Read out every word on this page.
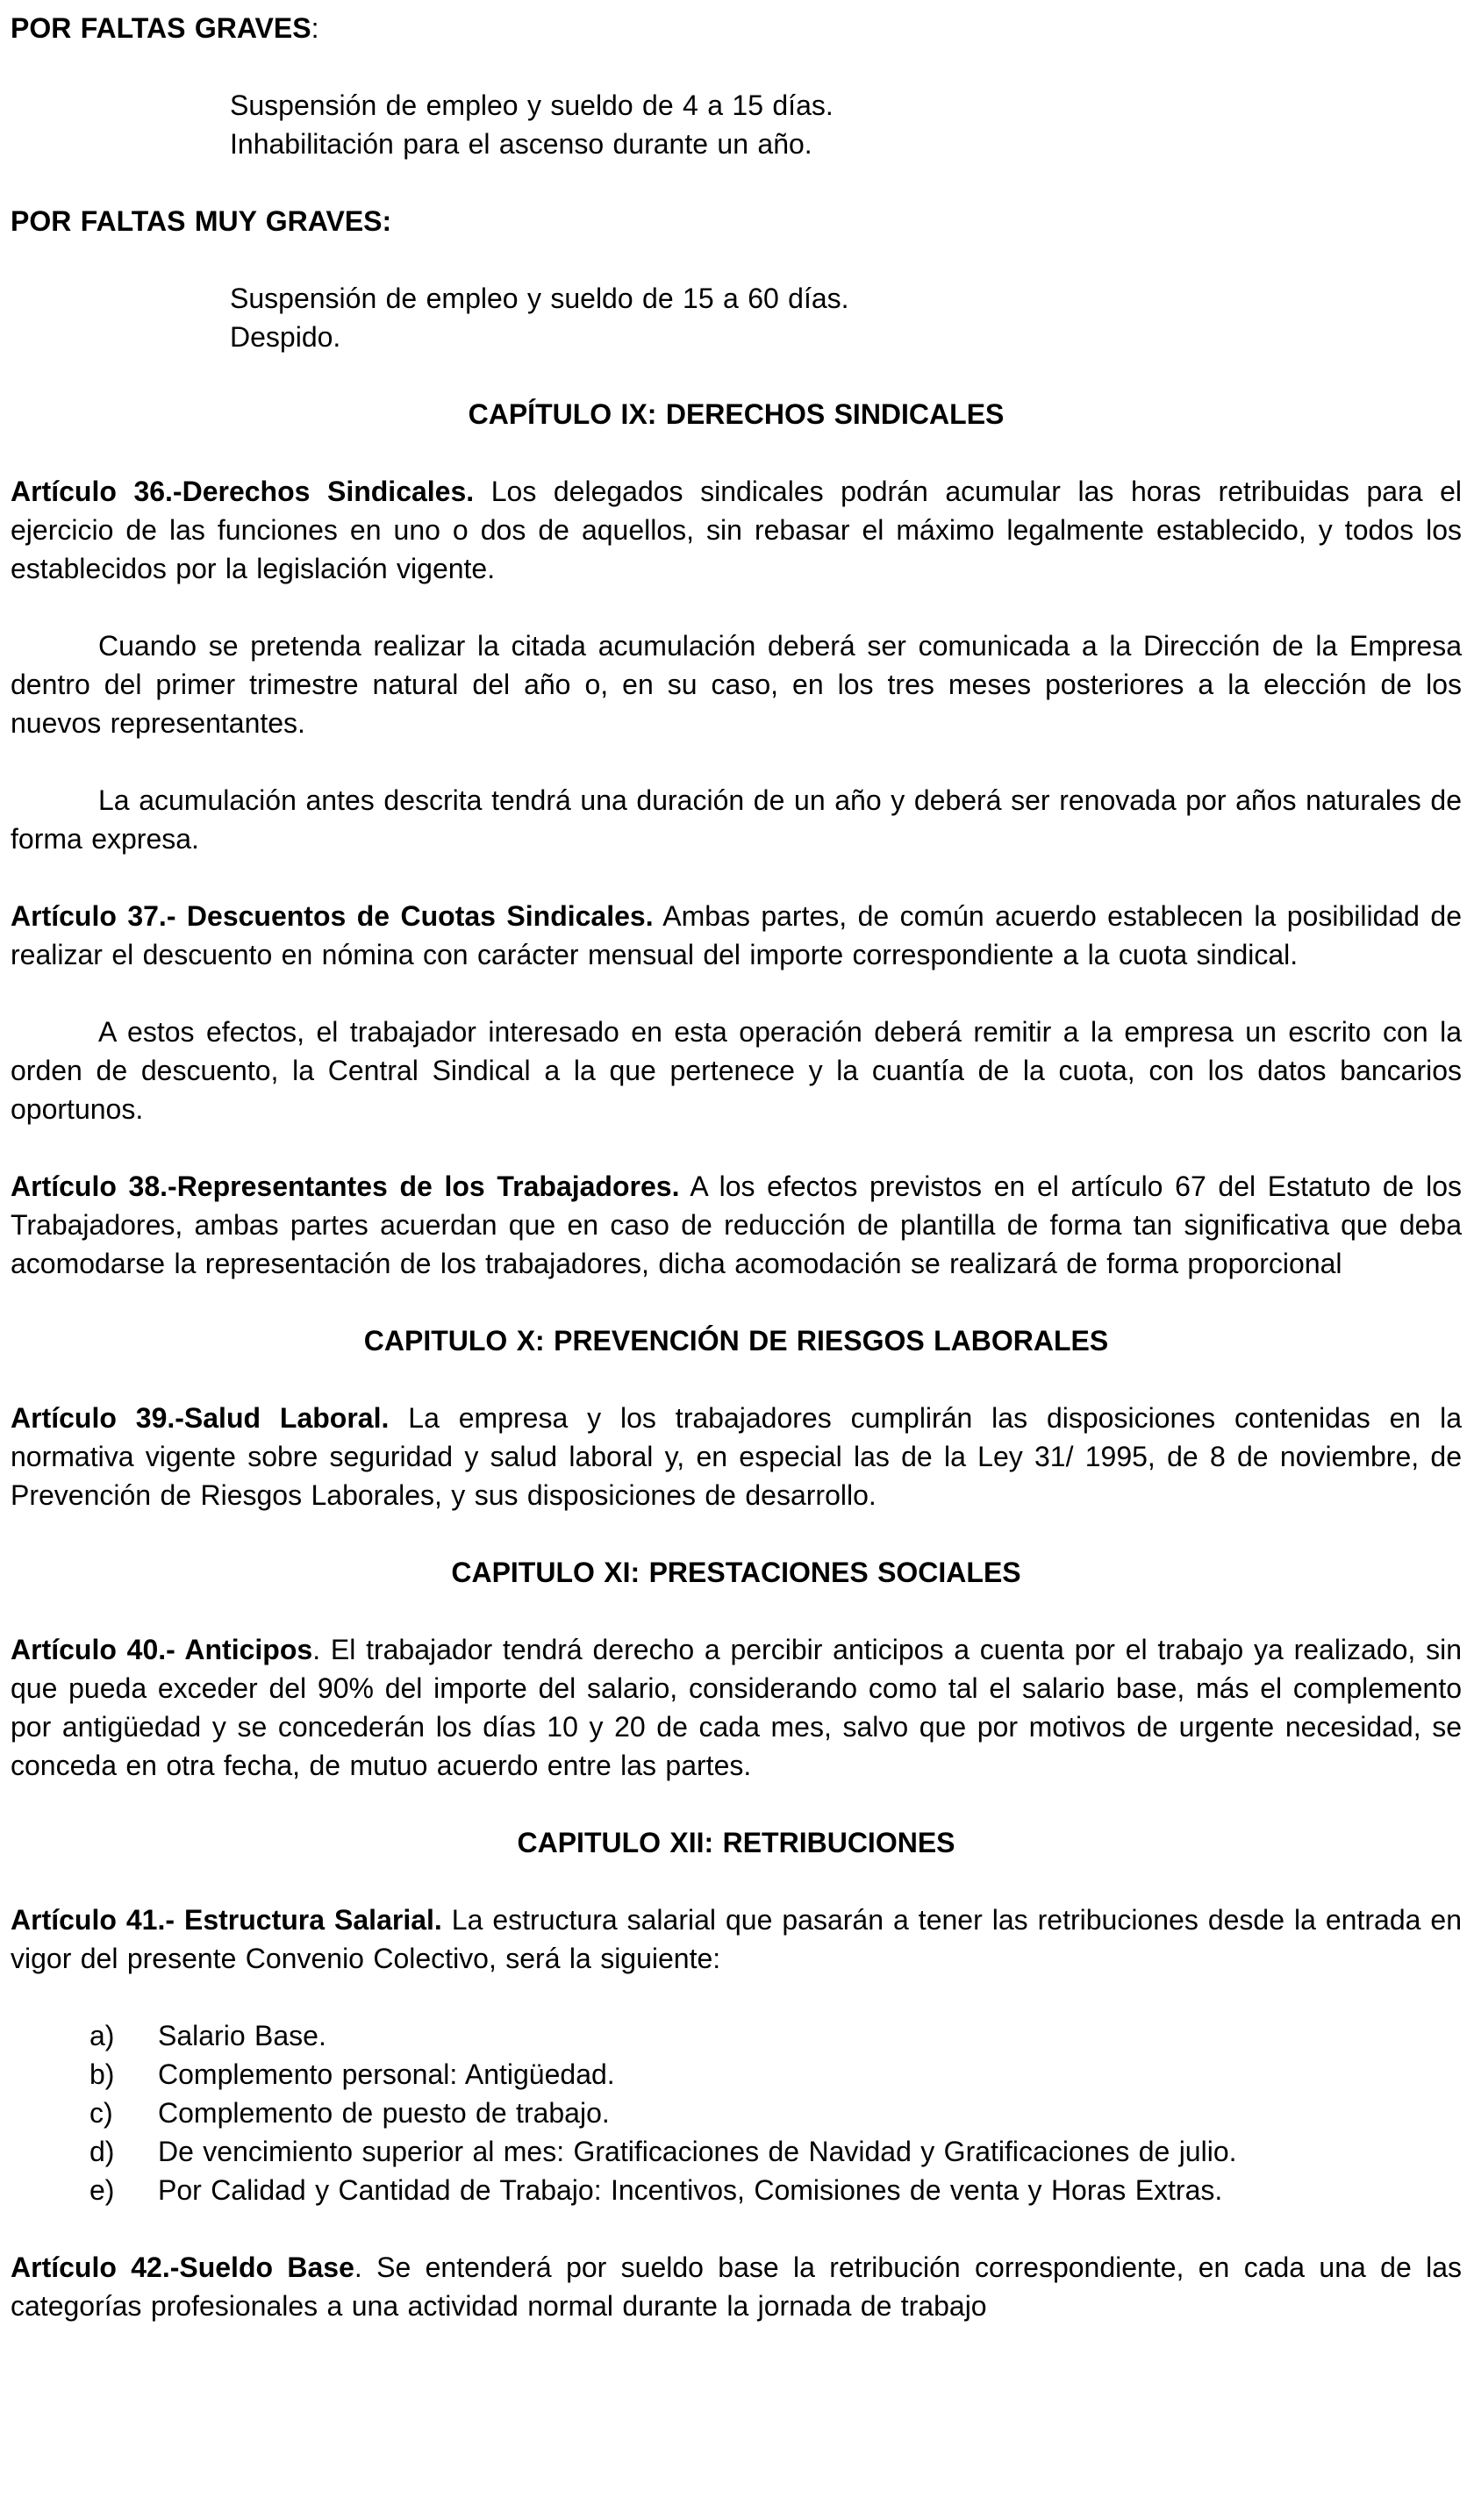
POR FALTAS GRAVES:

Suspensión de empleo y sueldo de 4 a 15 días.

Inhabilitación para el ascenso durante un año.

POR FALTAS MUY GRAVES:

Suspensión de empleo y sueldo de 15 a 60 días.

Despido.

CAPÍTULO IX: DERECHOS SINDICALES

Artículo 36.-Derechos Sindicales. Los delegados sindicales podrán acumular las horas retribuidas para el ejercicio de las funciones en uno o dos de aquellos, sin rebasar el máximo legalmente establecido, y todos los establecidos por la legislación vigente.

Cuando se pretenda realizar la citada acumulación deberá ser comunicada a la Dirección de la Empresa dentro del primer trimestre natural del año o, en su caso, en los tres meses posteriores a la elección de los nuevos representantes.

La acumulación antes descrita tendrá una duración de un año y deberá ser renovada por años naturales de forma expresa.

Artículo 37.- Descuentos de Cuotas Sindicales. Ambas partes, de común acuerdo establecen la posibilidad de realizar el descuento en nómina con carácter mensual del importe correspondiente a la cuota sindical.

A estos efectos, el trabajador interesado en esta operación deberá remitir a la empresa un escrito con la orden de descuento, la Central Sindical a la que pertenece y la cuantía de la cuota, con los datos bancarios oportunos.

Artículo 38.-Representantes de los Trabajadores. A los efectos previstos en el artículo 67 del Estatuto de los Trabajadores, ambas partes acuerdan que en caso de reducción de plantilla de forma tan significativa que deba acomodarse la representación de los trabajadores, dicha acomodación se realizará de forma proporcional

CAPITULO X: PREVENCIÓN DE RIESGOS LABORALES

Artículo 39.-Salud Laboral. La empresa y los trabajadores cumplirán las disposiciones contenidas en la normativa vigente sobre seguridad y salud laboral y, en especial las de la Ley 31/ 1995, de 8 de noviembre, de Prevención de Riesgos Laborales, y sus disposiciones de desarrollo.

CAPITULO XI: PRESTACIONES SOCIALES

Artículo 40.- Anticipos. El trabajador tendrá derecho a percibir anticipos a cuenta por el trabajo ya realizado, sin que pueda exceder del 90% del importe del salario, considerando como tal el salario base, más el complemento por antigüedad y se concederán los días 10 y 20 de cada mes, salvo que por motivos de urgente necesidad, se conceda en otra fecha, de mutuo acuerdo entre las partes.

CAPITULO XII: RETRIBUCIONES

Artículo 41.- Estructura Salarial. La estructura salarial que pasarán a tener las retribuciones desde la entrada en vigor del presente Convenio Colectivo, será la siguiente:

a)	Salario Base.
b)	Complemento personal: Antigüedad.
c)	Complemento de puesto de trabajo.
d)	De vencimiento superior al mes: Gratificaciones de Navidad y Gratificaciones de julio.
e)	Por Calidad y Cantidad de Trabajo: Incentivos, Comisiones de venta y Horas Extras.

Artículo 42.-Sueldo Base. Se entenderá por sueldo base la retribución correspondiente, en cada una de las categorías profesionales a una actividad normal durante la jornada de trabajo
